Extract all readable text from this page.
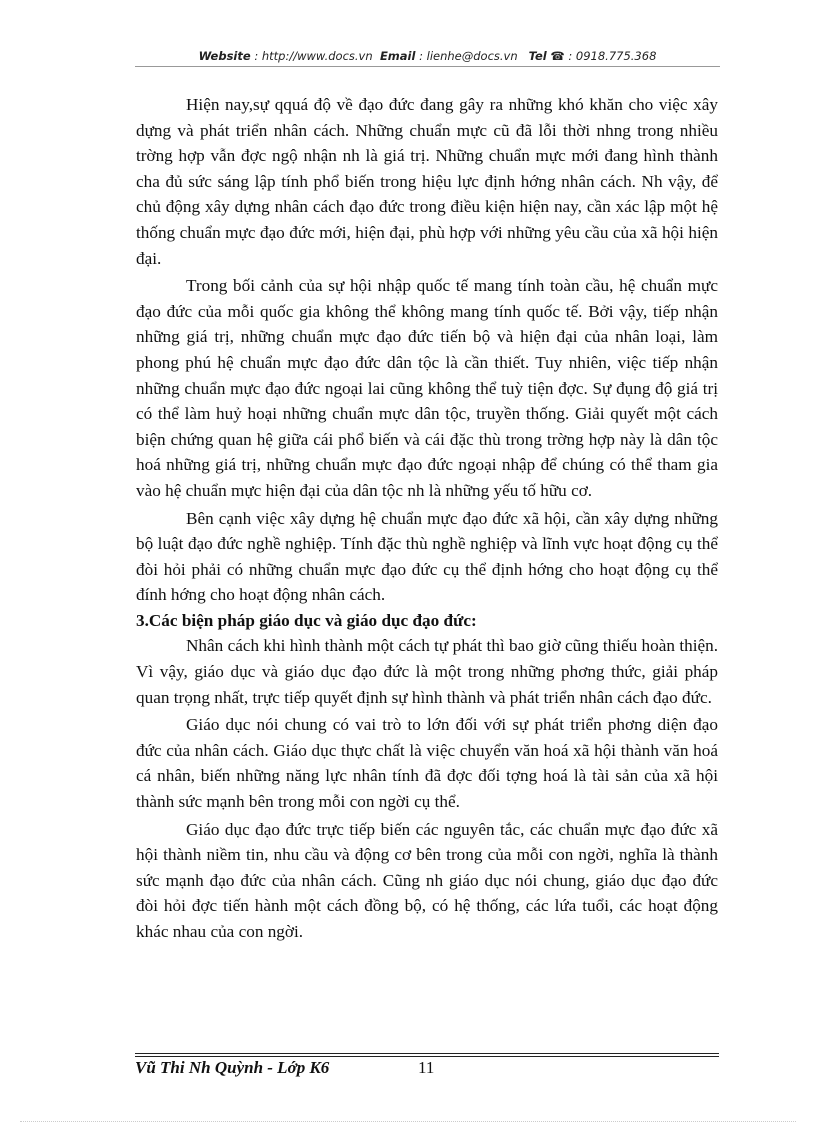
Website : http://www.docs.vn Email : lienhe@docs.vn Tel ☎ : 0918.775.368

Hiện nay,sự qquá độ về đạo đức đang gây ra những khó khăn cho việc xây dựng và phát triển nhân cách. Những chuẩn mực cũ đã lỗi thời nhng trong nhiều trờng hợp vẫn đợc ngộ nhận nh là giá trị. Những chuẩn mực mới đang hình thành cha đủ sức sáng lập tính phổ biến trong hiệu lực định hớng nhân cách. Nh vậy, để chủ động xây dựng nhân cách đạo đức trong điều kiện hiện nay, cần xác lập một hệ thống chuẩn mực đạo đức mới, hiện đại, phù hợp với những yêu cầu của xã hội hiện đại.

Trong bối cảnh của sự hội nhập quốc tế mang tính toàn cầu, hệ chuẩn mực đạo đức của mỗi quốc gia không thể không mang tính quốc tế. Bởi vậy, tiếp nhận những giá trị, những chuẩn mực đạo đức tiến bộ và hiện đại của nhân loại, làm phong phú hệ chuẩn mực đạo đức dân tộc là cần thiết. Tuy nhiên, việc tiếp nhận những chuẩn mực đạo đức ngoại lai cũng không thể tuỳ tiện đợc. Sự đụng độ giá trị có thể làm huỷ hoại những chuẩn mực dân tộc, truyền thống. Giải quyết một cách biện chứng quan hệ giữa cái phổ biến và cái đặc thù trong trờng hợp này là dân tộc hoá những giá trị, những chuẩn mực đạo đức ngoại nhập để chúng có thể tham gia vào hệ chuẩn mực hiện đại của dân tộc nh là những yếu tố hữu cơ.

Bên cạnh việc xây dựng hệ chuẩn mực đạo đức xã hội, cần xây dựng những bộ luật đạo đức nghề nghiệp. Tính đặc thù nghề nghiệp và lĩnh vực hoạt động cụ thể đòi hỏi phải có những chuẩn mực đạo đức cụ thể định hớng cho hoạt động cụ thể đính hớng cho hoạt động nhân cách.

3.Các biện pháp giáo dục và giáo dục đạo đức:

Nhân cách khi hình thành một cách tự phát thì bao giờ cũng thiếu hoàn thiện. Vì vậy, giáo dục và giáo dục đạo đức là một trong những phơng thức, giải pháp quan trọng nhất, trực tiếp quyết định sự hình thành và phát triển nhân cách đạo đức.

Giáo dục nói chung có vai trò to lớn đối với sự phát triển phơng diện đạo đức của nhân cách. Giáo dục thực chất là việc chuyển văn hoá xã hội thành văn hoá cá nhân, biến những năng lực nhân tính đã đợc đối tợng hoá là tài sản của xã hội thành sức mạnh bên trong mỗi con ngời cụ thể.

Giáo dục đạo đức trực tiếp biến các nguyên tắc, các chuẩn mực đạo đức xã hội thành niềm tin, nhu cầu và động cơ bên trong của mỗi con ngời, nghĩa là thành sức mạnh đạo đức của nhân cách. Cũng nh giáo dục nói chung, giáo dục đạo đức đòi hỏi đợc tiến hành một cách đồng bộ, có hệ thống, các lứa tuổi, các hoạt động khác nhau của con ngời.

Vũ Thi Nh Quỳnh - Lớp K6	11
